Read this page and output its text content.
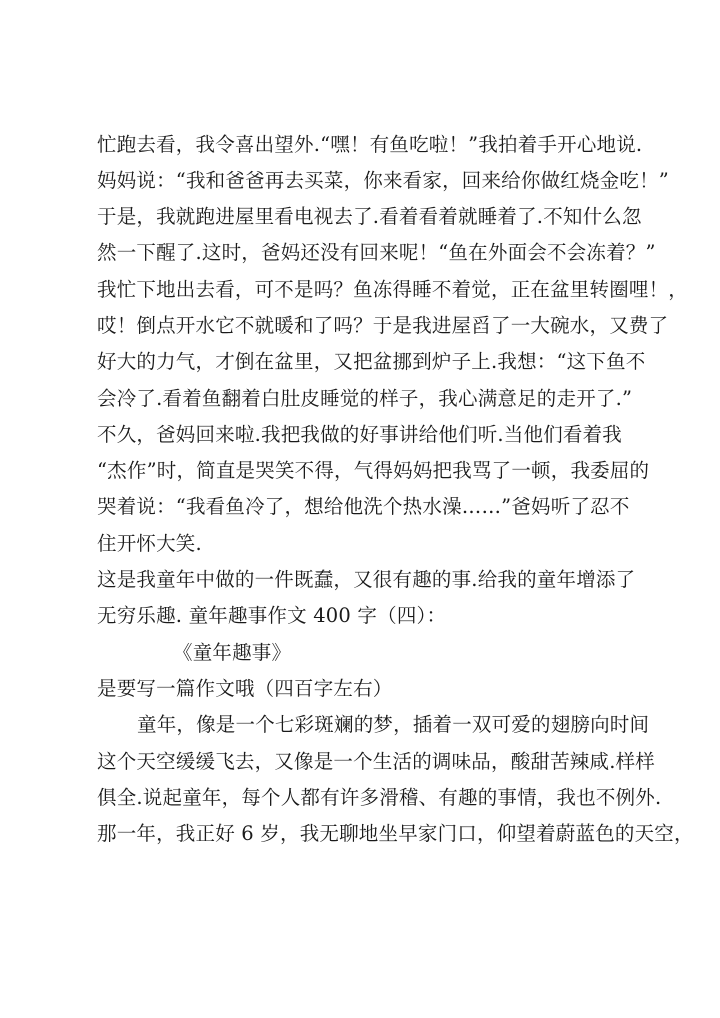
忙跑去看，我令喜出望外.“嘿！有鱼吃啦！”我拍着手开心地说.
妈妈说：“我和爸爸再去买菜，你来看家，回来给你做红烧金吃！”
于是，我就跑进屋里看电视去了.看着看着就睡着了.不知什么忽
然一下醒了.这时，爸妈还没有回来呢！“鱼在外面会不会冻着？”
我忙下地出去看，可不是吗？鱼冻得睡不着觉，正在盆里转圈哩！，
哎！倒点开水它不就暖和了吗？于是我进屋舀了一大碗水，又费了
好大的力气，才倒在盆里，又把盆挪到炉子上.我想：“这下鱼不
会冷了.看着鱼翻着白肚皮睡觉的样子，我心满意足的走开了.”
不久，爸妈回来啦.我把我做的好事讲给他们听.当他们看着我
“杰作”时，简直是哭笑不得，气得妈妈把我骂了一顿，我委屈的
哭着说：“我看鱼冷了，想给他洗个热水澡……”爸妈听了忍不
住开怀大笑.
这是我童年中做的一件既蠢，又很有趣的事.给我的童年增添了
无穷乐趣. 童年趣事作文 400 字（四）：
《童年趣事》
是要写一篇作文哦（四百字左右）
童年，像是一个七彩斑斓的梦，插着一双可爱的翅膀向时间
这个天空缓缓飞去，又像是一个生活的调味品，酸甜苦辣咸.样样
俱全.说起童年，每个人都有许多滑稽、有趣的事情，我也不例外.
那一年，我正好 6 岁，我无聊地坐早家门口，仰望着蔚蓝色的天空，
